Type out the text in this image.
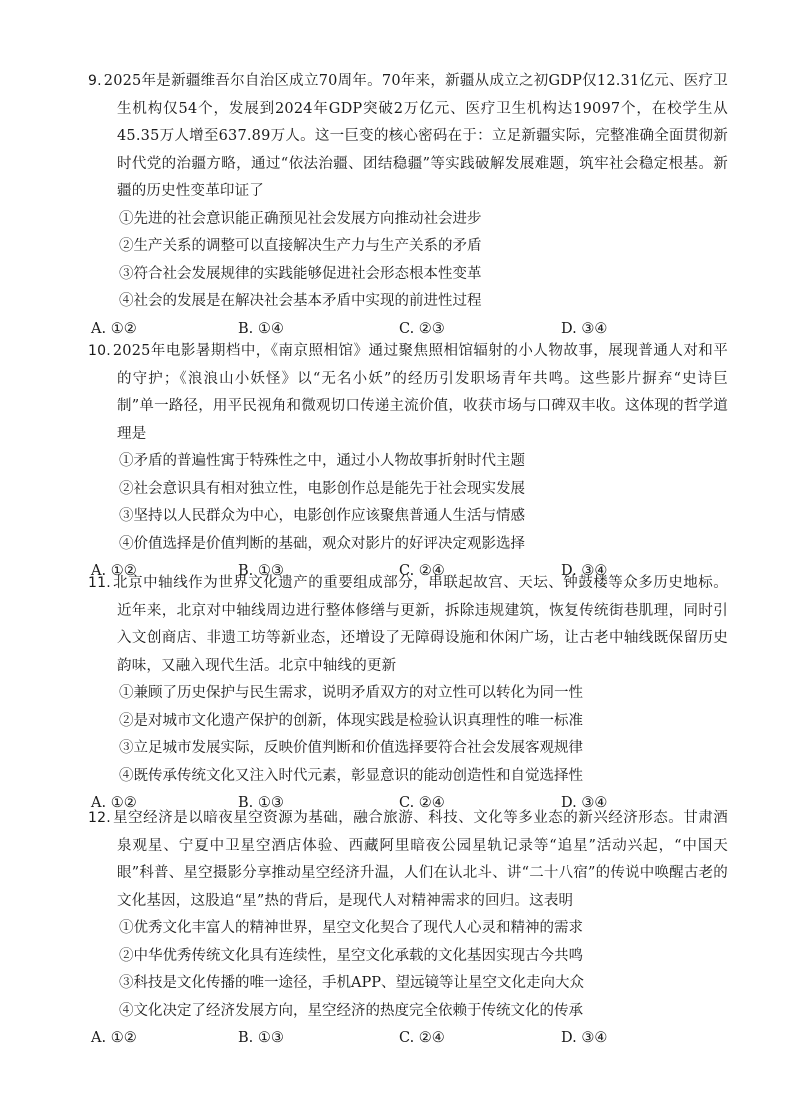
9. 2025年是新疆维吾尔自治区成立70周年。70年来，新疆从成立之初GDP仅12.31亿元、医疗卫生机构仅54个，发展到2024年GDP突破2万亿元、医疗卫生机构达19097个，在校学生从45.35万人增至637.89万人。这一巨变的核心密码在于：立足新疆实际，完整准确全面贯彻新时代党的治疆方略，通过“依法治疆、团结稳疆”等实践破解发展难题，筑牢社会稳定根基。新疆的历史性变革印证了

①先进的社会意识能正确预见社会发展方向推动社会进步

②生产关系的调整可以直接解决生产力与生产关系的矛盾

③符合社会发展规律的实践能够促进社会形态根本性变革

④社会的发展是在解决社会基本矛盾中实现的前进性过程

A. ①②	B. ①④	C. ②③	D. ③④

10. 2025年电影暑期档中，《南京照相馆》通过聚焦照相馆辐射的小人物故事，展现普通人对和平的守护；《浪浪山小妖怪》以“无名小妖”的经历引发职场青年共鸣。这些影片摒弃“史诗巨制”单一路径，用平民视角和微观切口传递主流价值，收获市场与口碑双丰收。这体现的哲学道理是

①矛盾的普遍性寓于特殊性之中，通过小人物故事折射时代主题

②社会意识具有相对独立性，电影创作总是能先于社会现实发展

③坚持以人民群众为中心，电影创作应该聚焦普通人生活与情感

④价值选择是价值判断的基础，观众对影片的好评决定观影选择

A. ①②	B. ①③	C. ②④	D. ③④

11. 北京中轴线作为世界文化遗产的重要组成部分，串联起故宫、天坛、钟鼓楼等众多历史地标。近年来，北京对中轴线周边进行整体修缮与更新，拆除违规建筑，恢复传统街巷肌理，同时引入文创商店、非遗工坊等新业态，还增设了无障碍设施和休闲广场，让古老中轴线既保留历史韵味，又融入现代生活。北京中轴线的更新

①兼顾了历史保护与民生需求，说明矛盾双方的对立性可以转化为同一性

②是对城市文化遗产保护的创新，体现实践是检验认识真理性的唯一标准

③立足城市发展实际，反映价值判断和价值选择要符合社会发展客观规律

④既传承传统文化又注入时代元素，彰显意识的能动创造性和自觉选择性

A. ①②	B. ①③	C. ②④	D. ③④

12. 星空经济是以暗夜星空资源为基础，融合旅游、科技、文化等多业态的新兴经济形态。甘肃酒泉观星、宁夏中卫星空酒店体验、西藏阿里暗夜公园星轨记录等“追星”活动兴起，“中国天眼”科普、星空摄影分享推动星空经济升温，人们在认北斗、讲“二十八宿”的传说中唤醒古老的文化基因，这股追“星”热的背后，是现代人对精神需求的回归。这表明

①优秀文化丰富人的精神世界，星空文化契合了现代人心灵和精神的需求

②中华优秀传统文化具有连续性，星空文化承载的文化基因实现古今共鸣

③科技是文化传播的唯一途径，手机APP、望远镜等让星空文化走向大众

④文化决定了经济发展方向，星空经济的热度完全依赖于传统文化的传承

A. ①②	B. ①③	C. ②④	D. ③④
